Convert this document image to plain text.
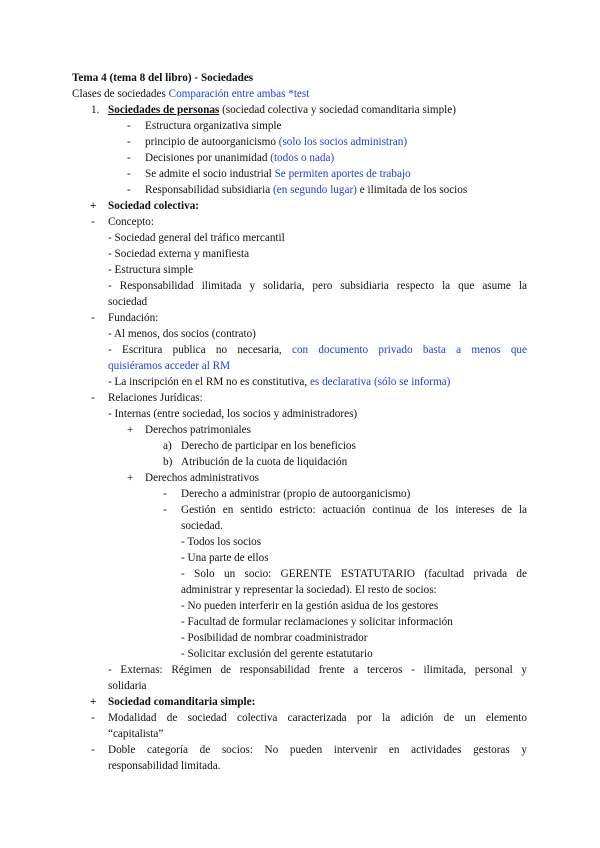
Tema 4 (tema 8 del libro) - Sociedades
Clases de sociedades Comparación entre ambas *test
1. Sociedades de personas (sociedad colectiva y sociedad comanditaria simple)
- Estructura organizativa simple
- principio de autoorganicismo (solo los socios administran)
- Decisiones por unanimidad (todos o nada)
- Se admite el socio industrial Se permiten aportes de trabajo
- Responsabilidad subsidiaria (en segundo lugar) e ilimitada de los socios
+ Sociedad colectiva:
- Concepto:
- Sociedad general del tráfico mercantil
- Sociedad externa y manifiesta
- Estructura simple
- Responsabilidad ilimitada y solidaria, pero subsidiaria respecto la que asume la
sociedad
- Fundación:
- Al menos, dos socios (contrato)
- Escritura publica no necesaria, con documento privado basta a menos que
quisiéramos acceder al RM
- La inscripción en el RM no es constitutiva, es declarativa (sólo se informa)
- Relaciones Jurídicas:
- Internas (entre sociedad, los socios y administradores)
+ Derechos patrimoniales
a) Derecho de participar en los beneficios
b) Atribución de la cuota de liquidación
+ Derechos administrativos
- Derecho a administrar (propio de autoorganicismo)
- Gestión en sentido estricto: actuación continua de los intereses de la
sociedad.
- Todos los socios
- Una parte de ellos
- Solo un socio: GERENTE ESTATUTARIO (facultad privada de
administrar y representar la sociedad). El resto de socios:
- No pueden interferir en la gestión asidua de los gestores
- Facultad de formular reclamaciones y solicitar información
- Posibilidad de nombrar coadministrador
- Solicitar exclusión del gerente estatutario
- Externas: Régimen de responsabilidad frente a terceros - ilimitada, personal y
solidaria
+ Sociedad comanditaria simple:
- Modalidad de sociedad colectiva caracterizada por la adición de un elemento
“capitalista”
- Doble categoría de socios: No pueden intervenir en actividades gestoras y
responsabilidad limitada.
